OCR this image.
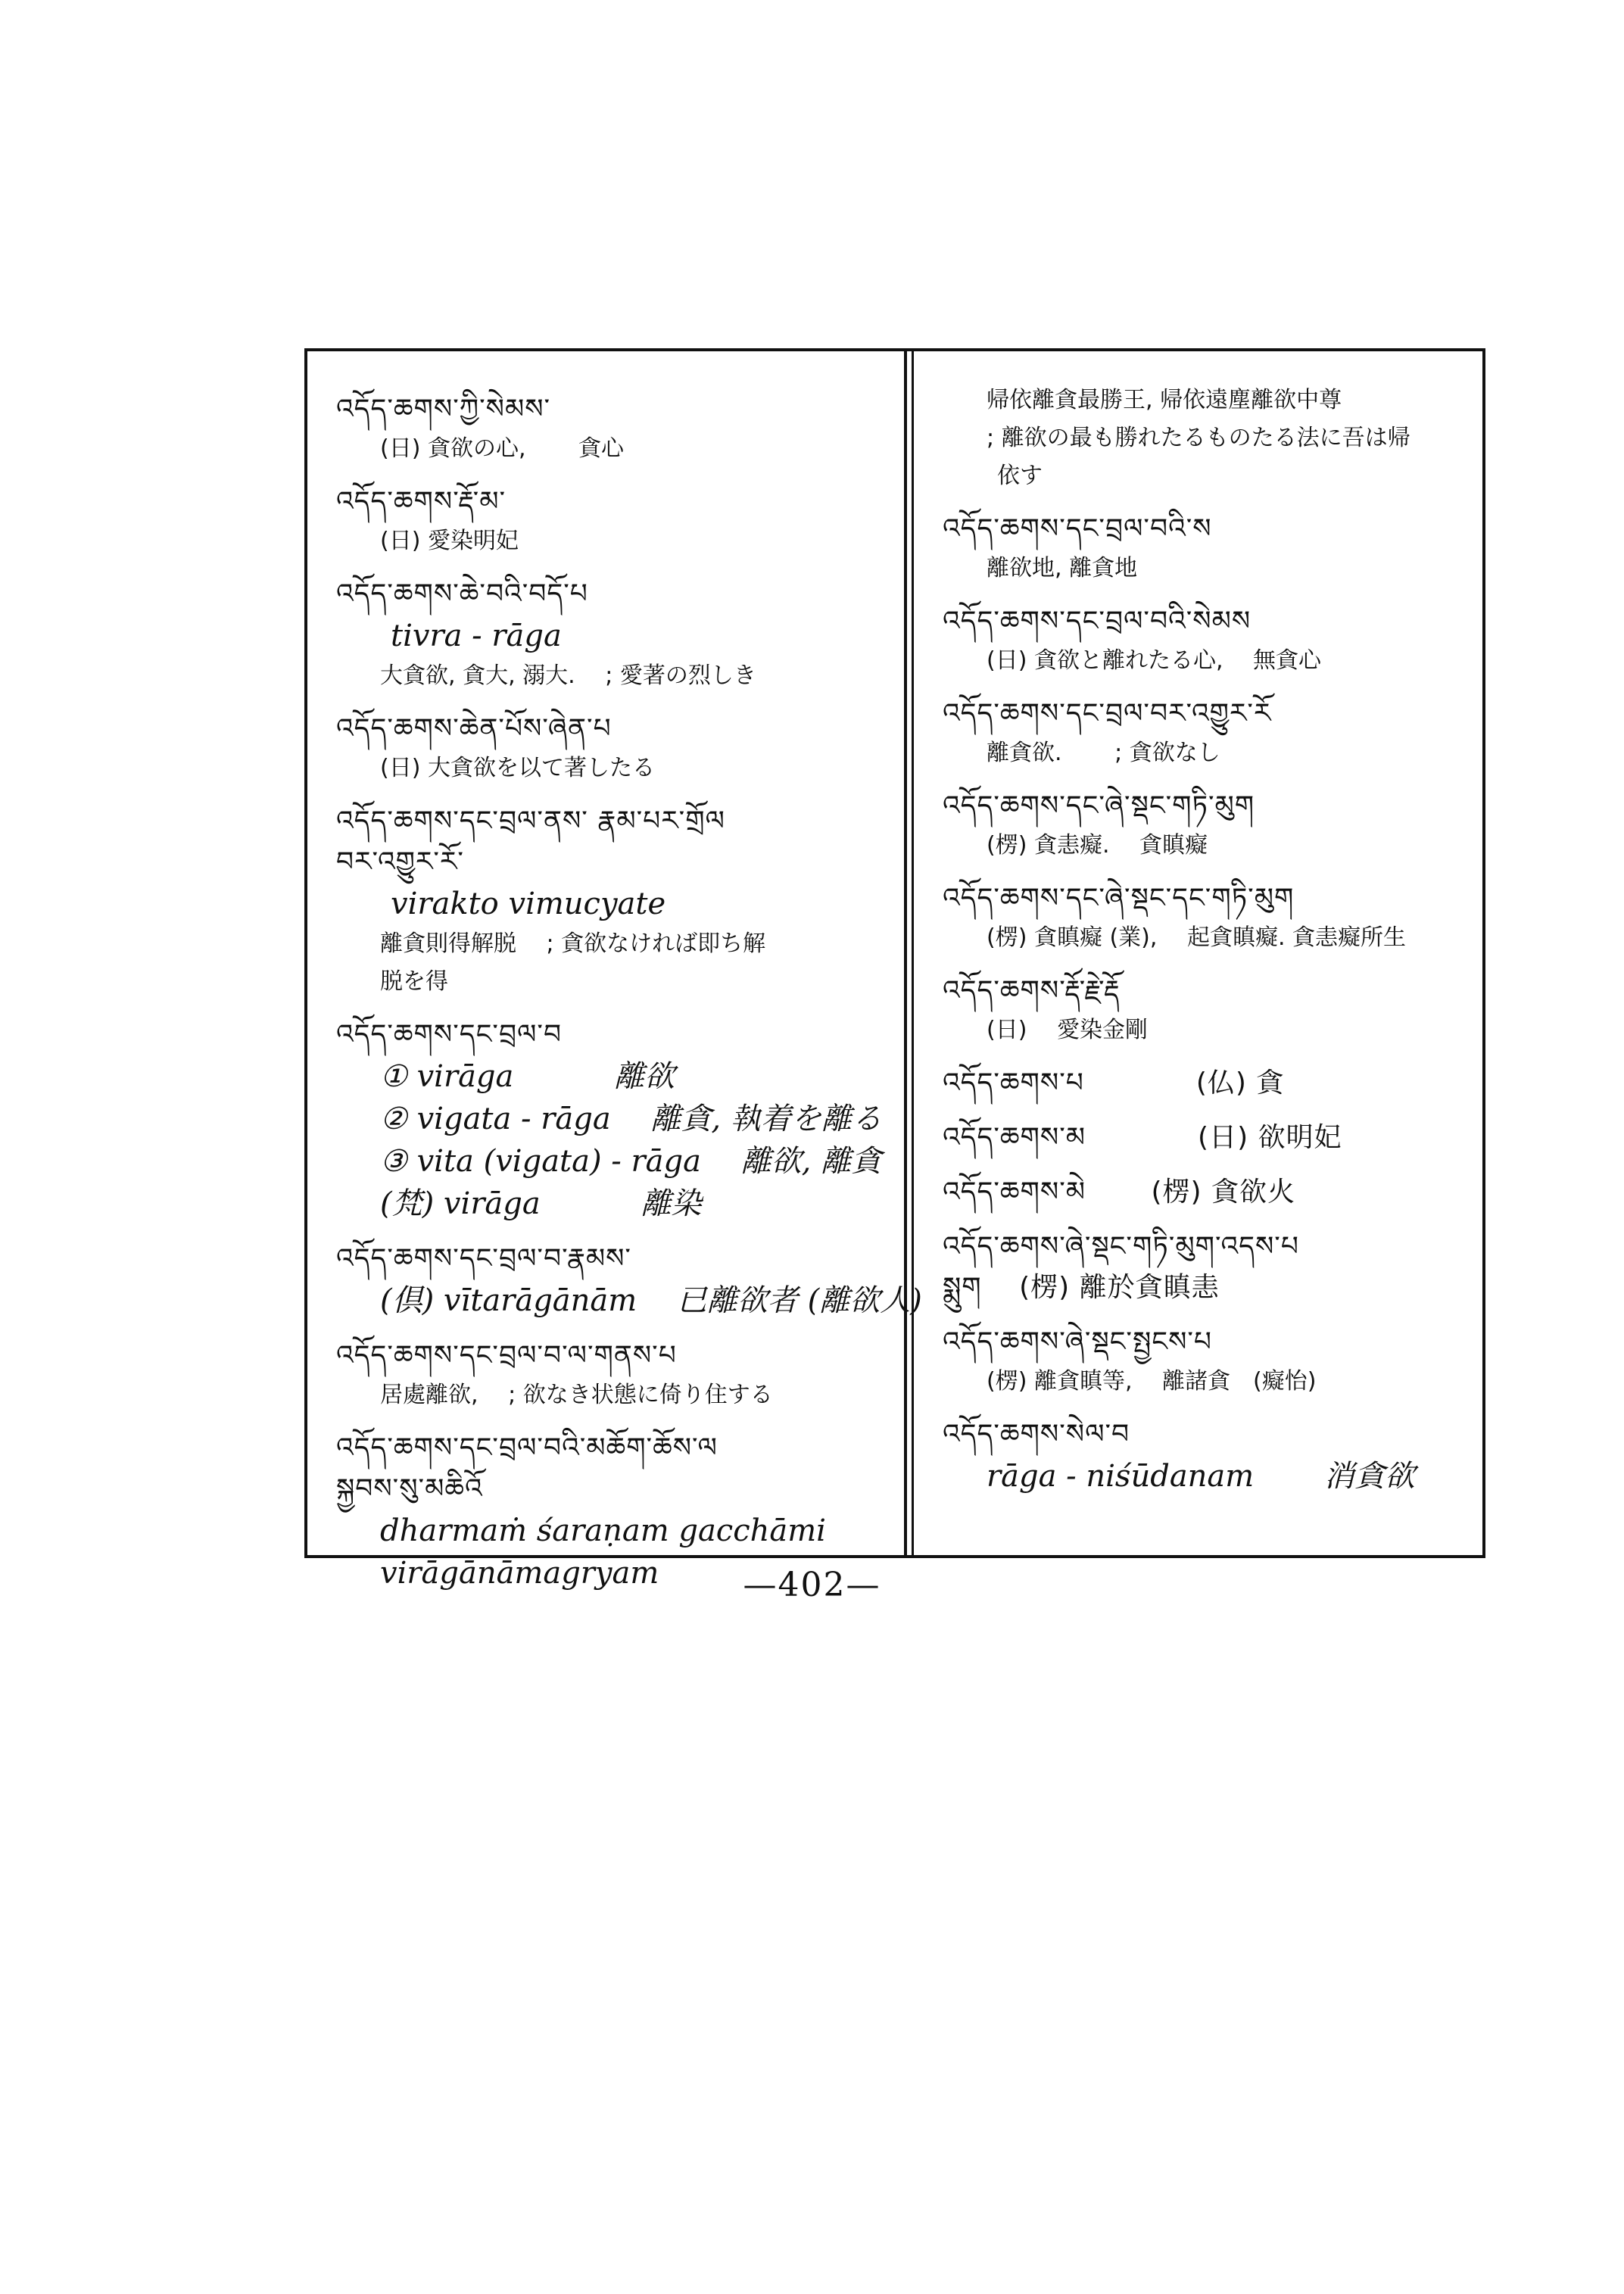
འདོད་ཆགས་ཀྱི་སེམས་
(日) 貪欲の心,　　 貪心
འདོད་ཆགས་རྡོ་མ་
(日) 愛染明妃
འདོད་ཆགས་ཆེ་བའི་བདོ་པ
tivra - rāga
大貪欲, 貪大, 溺大.　 ; 愛著の烈しき
འདོད་ཆགས་ཆེན་པོས་ཞེན་པ
(日) 大貪欲を以て著したる
འདོད་ཆགས་དང་བྲལ་ནས་ རྣམ་པར་གྲོལ
བར་འགྱུར་རོ་
virakto vimucyate
離貪則得解脱　 ; 貪欲なければ即ち解
脱を得
འདོད་ཆགས་དང་བྲལ་བ
① virāga　　　 離欲
② vigata - rāga　 離貪, 執着を離る
③ vita (vigata) - rāga　 離欲, 離貪
(梵) virāga　　　 離染
འདོད་ཆགས་དང་བྲལ་བ་རྣམས་
(倶) vītarāgānām　 已離欲者 (離欲人)
འདོད་ཆགས་དང་བྲལ་བ་ལ་གནས་པ
居處離欲,　 ; 欲なき状態に倚り住する
འདོད་ཆགས་དང་བྲལ་བའི་མཆོག་ཆོས་ལ
སྐྱབས་སུ་མཆིའོ
dharmaṁ śaraṇam gacchāmi
virāgānāmagryam
帰依離貪最勝王, 帰依遠塵離欲中尊
; 離欲の最も勝れたるものたる法に吾は帰
依す
འདོད་ཆགས་དང་བྲལ་བའི་ས
離欲地, 離貪地
འདོད་ཆགས་དང་བྲལ་བའི་སེམས
(日) 貪欲と離れたる心,　 無貪心
འདོད་ཆགས་དང་བྲལ་བར་འགྱུར་རོ
離貪欲.　　 ; 貪欲なし
འདོད་ཆགས་དང་ཞེ་སྡང་གཏི་མུག
(楞) 貪恚癡.　 貪瞋癡
འདོད་ཆགས་དང་ཞེ་སྡང་དང་གཏི་མུག
(楞) 貪瞋癡 (業),　 起貪瞋癡. 貪恚癡所生
འདོད་ཆགས་རྡོ་རྗེ་རྡོ
(日)　 愛染金剛
འདོད་ཆགས་པ　　　　(仏) 貪
འདོད་ཆགས་མ　　　　(日) 欲明妃
འདོད་ཆགས་མེ　　 (楞) 貪欲火
འདོད་ཆགས་ཞེ་སྡང་གཏི་མུག་འདས་པ
སྨུག　 (楞) 離於貪瞋恚
འདོད་ཆགས་ཞེ་སྡང་སྤྱངས་པ
(楞) 離貪瞋等,　 離諸貪　(癡怡)
འདོད་ཆགས་སེལ་བ
rāga - niśūdanam　　 消貪欲
—402—
